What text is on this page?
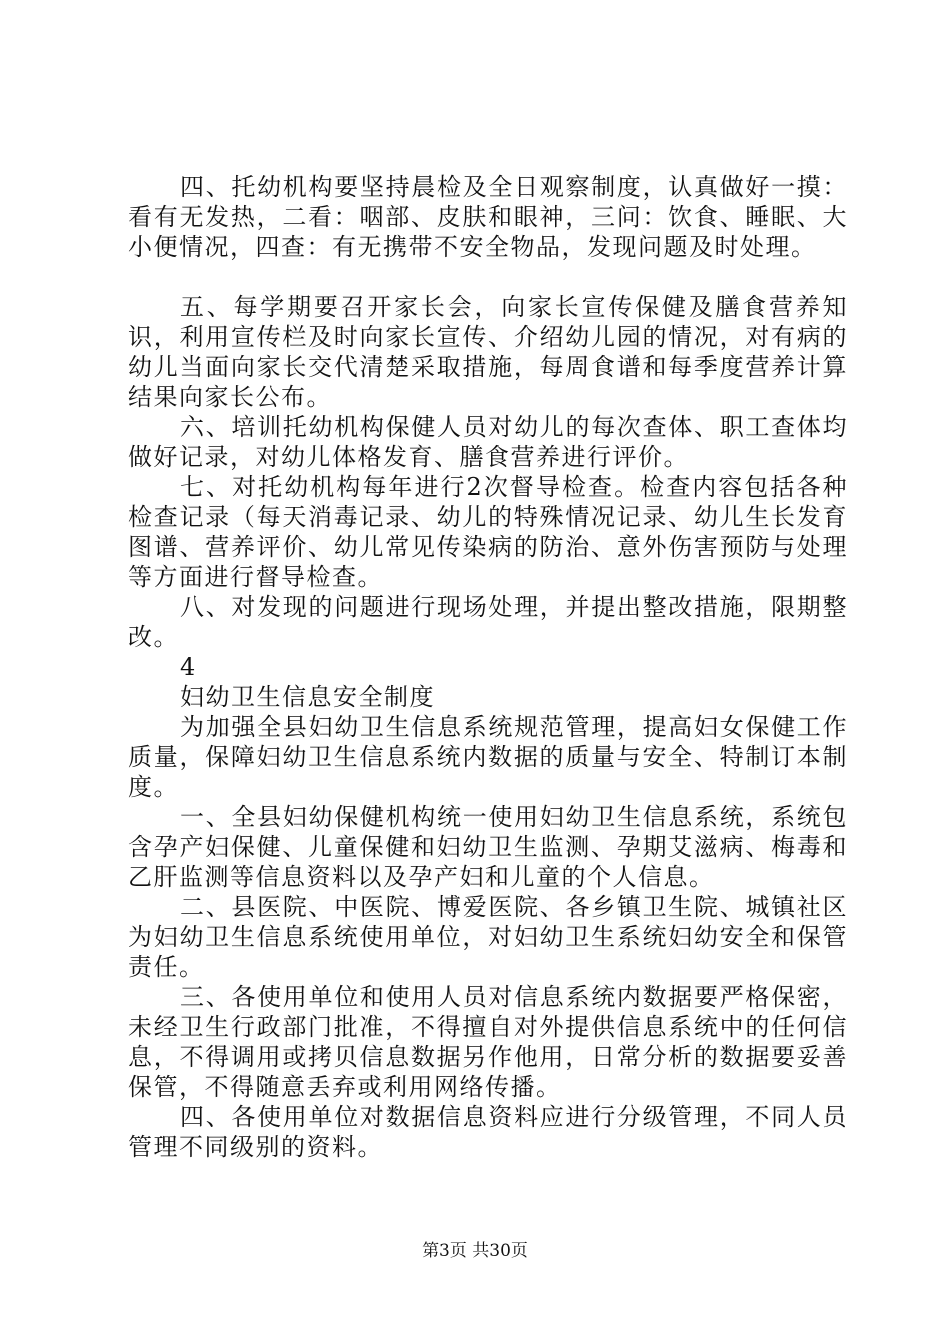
四、托幼机构要坚持晨检及全日观察制度，认真做好一摸：看有无发热，二看：咽部、皮肤和眼神，三问：饮食、睡眠、大小便情况，四查：有无携带不安全物品，发现问题及时处理。

五、每学期要召开家长会，向家长宣传保健及膳食营养知识，利用宣传栏及时向家长宣传、介绍幼儿园的情况，对有病的幼儿当面向家长交代清楚采取措施，每周食谱和每季度营养计算结果向家长公布。

六、培训托幼机构保健人员对幼儿的每次查体、职工查体均做好记录，对幼儿体格发育、膳食营养进行评价。

七、对托幼机构每年进行2次督导检查。检查内容包括各种检查记录（每天消毒记录、幼儿的特殊情况记录、幼儿生长发育图谱、营养评价、幼儿常见传染病的防治、意外伤害预防与处理等方面进行督导检查。

八、对发现的问题进行现场处理，并提出整改措施，限期整改。

4

妇幼卫生信息安全制度

为加强全县妇幼卫生信息系统规范管理，提高妇女保健工作质量，保障妇幼卫生信息系统内数据的质量与安全、特制订本制度。

一、全县妇幼保健机构统一使用妇幼卫生信息系统，系统包含孕产妇保健、儿童保健和妇幼卫生监测、孕期艾滋病、梅毒和乙肝监测等信息资料以及孕产妇和儿童的个人信息。

二、县医院、中医院、博爱医院、各乡镇卫生院、城镇社区为妇幼卫生信息系统使用单位，对妇幼卫生系统妇幼安全和保管责任。

三、各使用单位和使用人员对信息系统内数据要严格保密，未经卫生行政部门批准，不得擅自对外提供信息系统中的任何信息，不得调用或拷贝信息数据另作他用，日常分析的数据要妥善保管，不得随意丢弃或利用网络传播。

四、各使用单位对数据信息资料应进行分级管理，不同人员管理不同级别的资料。

第3页 共30页
